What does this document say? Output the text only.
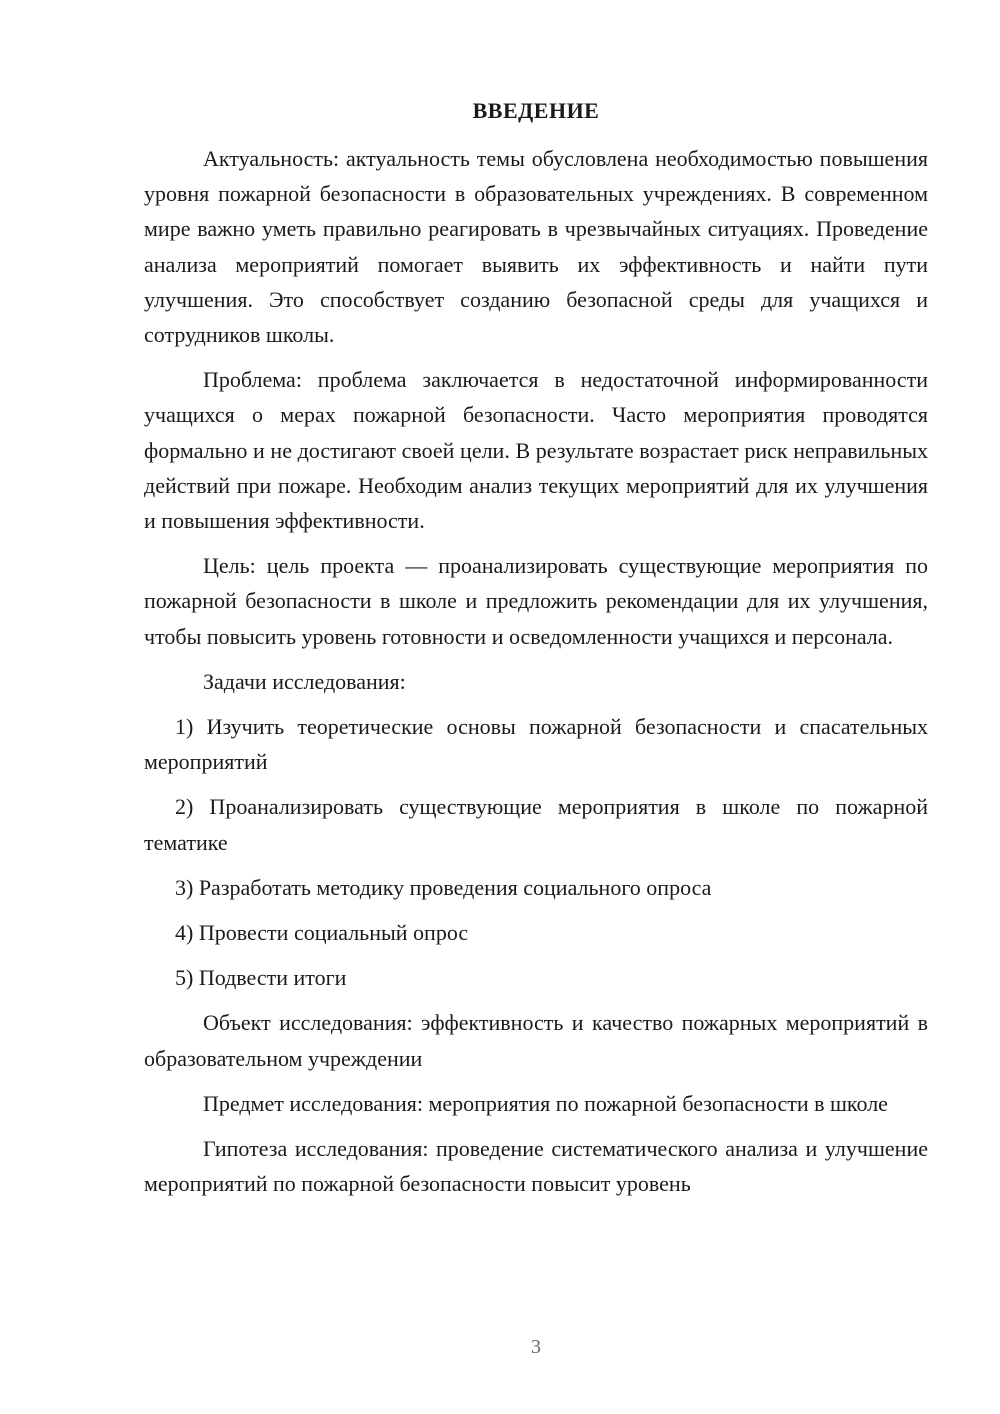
ВВЕДЕНИЕ

Актуальность: актуальность темы обусловлена необходимостью повышения уровня пожарной безопасности в образовательных учреждениях. В современном мире важно уметь правильно реагировать в чрезвычайных ситуациях. Проведение анализа мероприятий помогает выявить их эффективность и найти пути улучшения. Это способствует созданию безопасной среды для учащихся и сотрудников школы.

Проблема: проблема заключается в недостаточной информированности учащихся о мерах пожарной безопасности. Часто мероприятия проводятся формально и не достигают своей цели. В результате возрастает риск неправильных действий при пожаре. Необходим анализ текущих мероприятий для их улучшения и повышения эффективности.

Цель: цель проекта — проанализировать существующие мероприятия по пожарной безопасности в школе и предложить рекомендации для их улучшения, чтобы повысить уровень готовности и осведомленности учащихся и персонала.

Задачи исследования:

1) Изучить теоретические основы пожарной безопасности и спасательных мероприятий

2) Проанализировать существующие мероприятия в школе по пожарной тематике

3) Разработать методику проведения социального опроса

4) Провести социальный опрос

5) Подвести итоги

Объект исследования: эффективность и качество пожарных мероприятий в образовательном учреждении

Предмет исследования: мероприятия по пожарной безопасности в школе

Гипотеза исследования: проведение систематического анализа и улучшение мероприятий по пожарной безопасности повысит уровень

3
